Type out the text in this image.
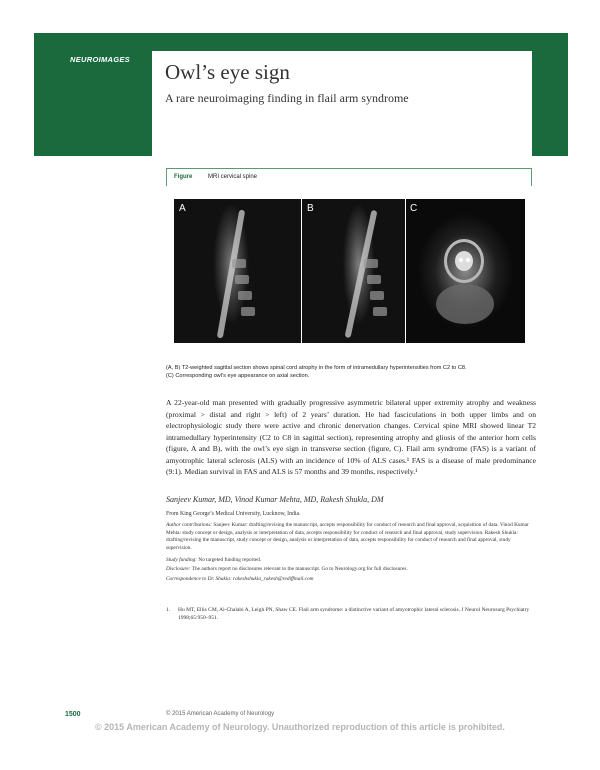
NEUROIMAGES
Owl’s eye sign
A rare neuroimaging finding in flail arm syndrome
Figure	MRI cervical spine
A	B	C
(A, B) T2-weighted sagittal section shows spinal cord atrophy in the form of intramedullary hyperintensities from C2 to C8.
(C) Corresponding owl’s eye appearance on axial section.

A 22-year-old man presented with gradually progressive asymmetric bilateral upper extremity atrophy and weakness (proximal > distal and right > left) of 2 years’ duration. He had fasciculations in both upper limbs and on electrophysiologic study there were active and chronic denervation changes. Cervical spine MRI showed linear T2 intramedullary hyperintensity (C2 to C8 in sagittal section), representing atrophy and gliosis of the anterior horn cells (figure, A and B), with the owl’s eye sign in transverse section (figure, C). Flail arm syndrome (FAS) is a variant of amyotrophic lateral sclerosis (ALS) with an incidence of 10% of ALS cases.¹ FAS is a disease of male predominance (9:1). Median survival in FAS and ALS is 57 months and 39 months, respectively.¹

Sanjeev Kumar, MD, Vinod Kumar Mehta, MD, Rakesh Shukla, DM
From King George’s Medical University, Lucknow, India.
Author contributions: Sanjeev Kumar: drafting/revising the manuscript, accepts responsibility for conduct of research and final approval, acquisition of data. Vinod Kumar Mehta: study concept or design, analysis or interpretation of data, accepts responsibility for conduct of research and final approval, study supervision. Rakesh Shukla: drafting/revising the manuscript, study concept or design, analysis or interpretation of data, accepts responsibility for conduct of research and final approval, study supervision.
Study funding: No targeted funding reported.
Disclosure: The authors report no disclosures relevant to the manuscript. Go to Neurology.org for full disclosures.
Correspondence to Dr. Shukla: rakeshshukla_rakesh@rediffmail.com
1. Hu MT, Ellis CM, Al-Chalabi A, Leigh PN, Shaw CE. Flail arm syndrome: a distinctive variant of amyotrophic lateral sclerosis. J Neurol Neurosurg Psychiatry 1998;65:950–951.
1500	© 2015 American Academy of Neurology
© 2015 American Academy of Neurology. Unauthorized reproduction of this article is prohibited.
